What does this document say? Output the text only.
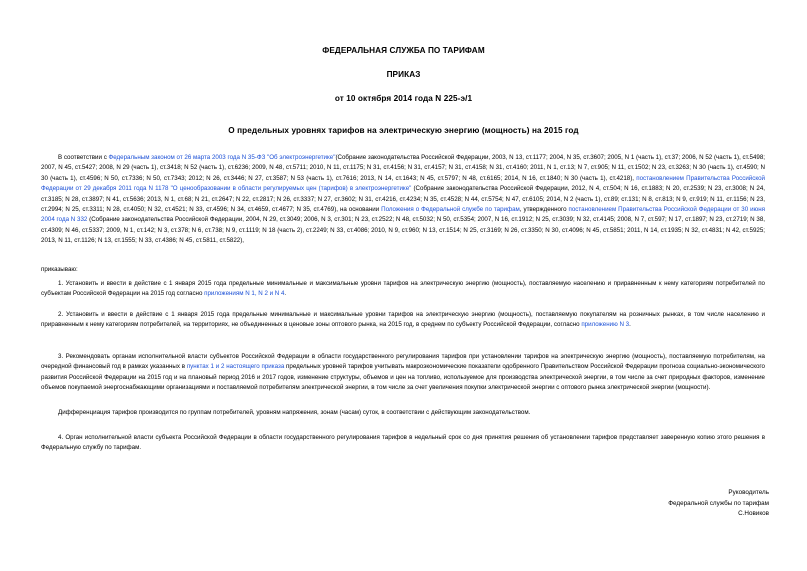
ФЕДЕРАЛЬНАЯ СЛУЖБА ПО ТАРИФАМ
ПРИКАЗ
от 10 октября 2014 года N 225-э/1
О предельных уровнях тарифов на электрическую энергию (мощность) на 2015 год

В соответствии с Федеральным законом от 26 марта 2003 года N 35-ФЗ "Об электроэнергетике"(Собрание законодательства Российской Федерации, 2003, N 13, ст.1177; 2004, N 35, ст.3607; 2005, N 1 (часть 1), ст.37; 2006, N 52 (часть 1), ст.5498; 2007, N 45, ст.5427; 2008, N 29 (часть 1), ст.3418; N 52 (часть 1), ст.6236; 2009, N 48, ст.5711; 2010, N 11, ст.1175; N 31, ст.4156; N 31, ст.4157; N 31, ст.4158; N 31, ст.4160; 2011, N 1, ст.13; N 7, ст.905; N 11, ст.1502; N 23, ст.3263; N 30 (часть 1), ст.4590; N 30 (часть 1), ст.4596; N 50, ст.7336; N 50, ст.7343; 2012; N 26, ст.3446; N 27, ст.3587; N 53 (часть 1), ст.7616; 2013, N 14, ст.1643; N 45, ст.5797; N 48, ст.6165; 2014, N 16, ст.1840; N 30 (часть 1), ст.4218), постановлением Правительства Российской Федерации от 29 декабря 2011 года N 1178 "О ценообразовании в области регулируемых цен (тарифов) в электроэнергетике" (Собрание законодательства Российской Федерации, 2012, N 4, ст.504; N 16, ст.1883; N 20, ст.2539; N 23, ст.3008; N 24, ст.3185; N 28, ст.3897; N 41, ст.5636; 2013, N 1, ст.68; N 21, ст.2647; N 22, ст.2817; N 26, ст.3337; N 27, ст.3602; N 31, ст.4216, ст.4234; N 35, ст.4528; N 44, ст.5754; N 47, ст.6105; 2014, N 2 (часть 1), ст.89; ст.131; N 8, ст.813; N 9, ст.919; N 11, ст.1156; N 23, ст.2994; N 25, ст.3311; N 28, ст.4050; N 32, ст.4521; N 33, ст.4596; N 34, ст.4659, ст.4677; N 35, ст.4769), на основании Положения о Федеральной службе по тарифам, утвержденного постановлением Правительства Российской Федерации от 30 июня 2004 года N 332 (Собрание законодательства Российской Федерации, 2004, N 29, ст.3049; 2006, N 3, ст.301; N 23, ст.2522; N 48, ст.5032; N 50, ст.5354; 2007, N 16, ст.1912; N 25, ст.3039; N 32, ст.4145; 2008, N 7, ст.597; N 17, ст.1897; N 23, ст.2719; N 38, ст.4309; N 46, ст.5337; 2009, N 1, ст.142; N 3, ст.378; N 6, ст.738; N 9, ст.1119; N 18 (часть 2), ст.2249; N 33, ст.4086; 2010, N 9, ст.960; N 13, ст.1514; N 25, ст.3169; N 26, ст.3350; N 30, ст.4096; N 45, ст.5851; 2011, N 14, ст.1935; N 32, ст.4831; N 42, ст.5925; 2013, N 11, ст.1126; N 13, ст.1555; N 33, ст.4386; N 45, ст.5811, ст.5822),

приказываю:

1. Установить и ввести в действие с 1 января 2015 года предельные минимальные и максимальные уровни тарифов на электрическую энергию (мощность), поставляемую населению и приравненным к нему категориям потребителей по субъектам Российской Федерации на 2015 год согласно приложениям N 1, N 2 и N 4.

2. Установить и ввести в действие с 1 января 2015 года предельные минимальные и максимальные уровни тарифов на электрическую энергию (мощность), поставляемую покупателям на розничных рынках, в том числе населению и приравненным к нему категориям потребителей, на территориях, не объединенных в ценовые зоны оптового рынка, на 2015 год, в среднем по субъекту Российской Федерации, согласно приложению N 3.

3. Рекомендовать органам исполнительной власти субъектов Российской Федерации в области государственного регулирования тарифов при установлении тарифов на электрическую энергию (мощность), поставляемую потребителям, на очередной финансовый год в рамках указанных в пунктах 1 и 2 настоящего приказа предельных уровней тарифов учитывать макроэкономические показатели одобренного Правительством Российской Федерации прогноза социально-экономического развития Российской Федерации на 2015 год и на плановый период 2016 и 2017 годов, изменение структуры, объемов и цен на топливо, используемое для производства электрической энергии, в том числе за счет природных факторов, изменение объемов покупаемой энергоснабжающими организациями и поставляемой потребителям электрической энергии, в том числе за счет увеличения покупки электрической энергии с оптового рынка электрической энергии (мощности).

Дифференциация тарифов производится по группам потребителей, уровням напряжения, зонам (часам) суток, в соответствии с действующим законодательством.

4. Орган исполнительной власти субъекта Российской Федерации в области государственного регулирования тарифов в недельный срок со дня принятия решения об установлении тарифов представляет заверенную копию этого решения в Федеральную службу по тарифам.

Руководитель
Федеральной службы по тарифам
С.Новиков
